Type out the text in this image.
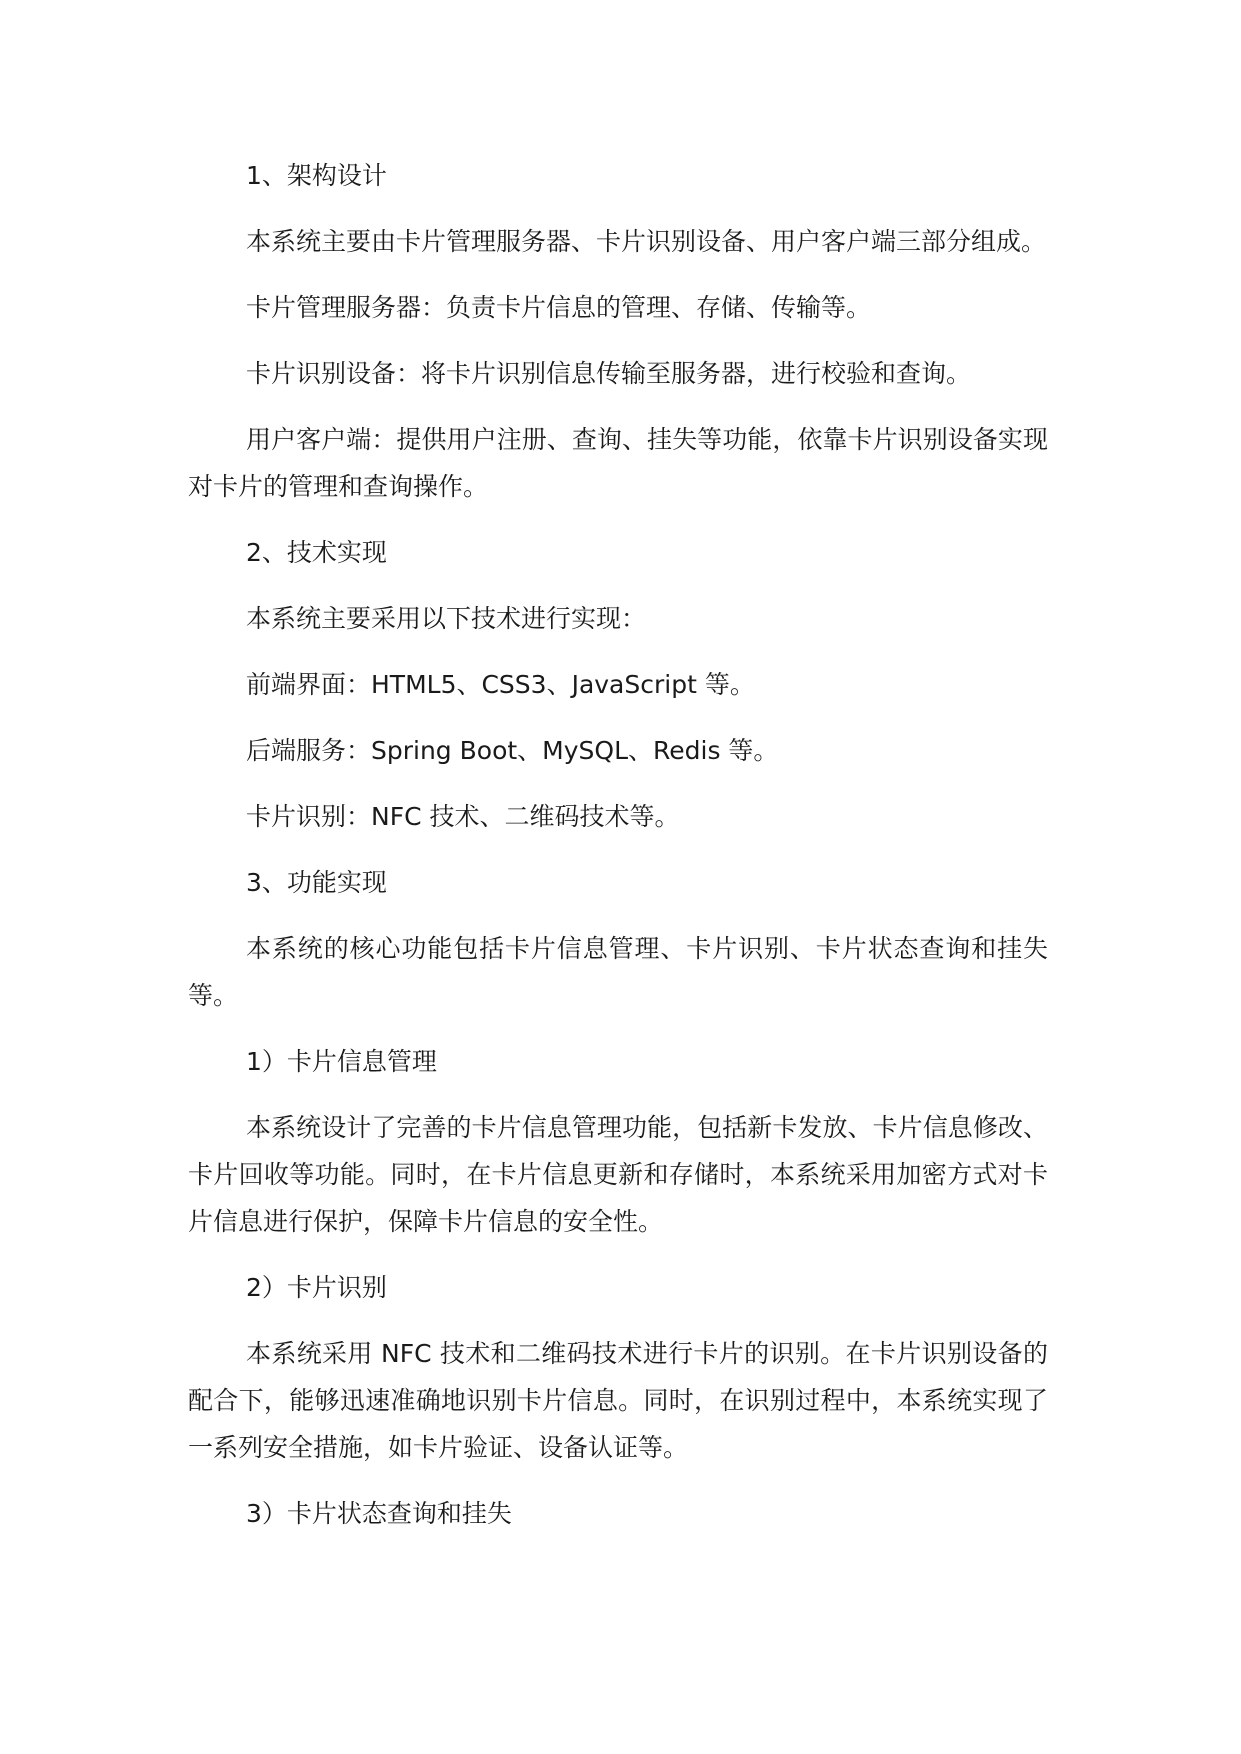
1、架构设计

本系统主要由卡片管理服务器、卡片识别设备、用户客户端三部分组成。

卡片管理服务器：负责卡片信息的管理、存储、传输等。

卡片识别设备：将卡片识别信息传输至服务器，进行校验和查询。

用户客户端：提供用户注册、查询、挂失等功能，依靠卡片识别设备实现对卡片的管理和查询操作。

2、技术实现

本系统主要采用以下技术进行实现：

前端界面：HTML5、CSS3、JavaScript 等。

后端服务：Spring Boot、MySQL、Redis 等。

卡片识别：NFC 技术、二维码技术等。

3、功能实现

本系统的核心功能包括卡片信息管理、卡片识别、卡片状态查询和挂失等。

1）卡片信息管理

本系统设计了完善的卡片信息管理功能，包括新卡发放、卡片信息修改、卡片回收等功能。同时，在卡片信息更新和存储时，本系统采用加密方式对卡片信息进行保护，保障卡片信息的安全性。

2）卡片识别

本系统采用 NFC 技术和二维码技术进行卡片的识别。在卡片识别设备的配合下，能够迅速准确地识别卡片信息。同时，在识别过程中，本系统实现了一系列安全措施，如卡片验证、设备认证等。

3）卡片状态查询和挂失
